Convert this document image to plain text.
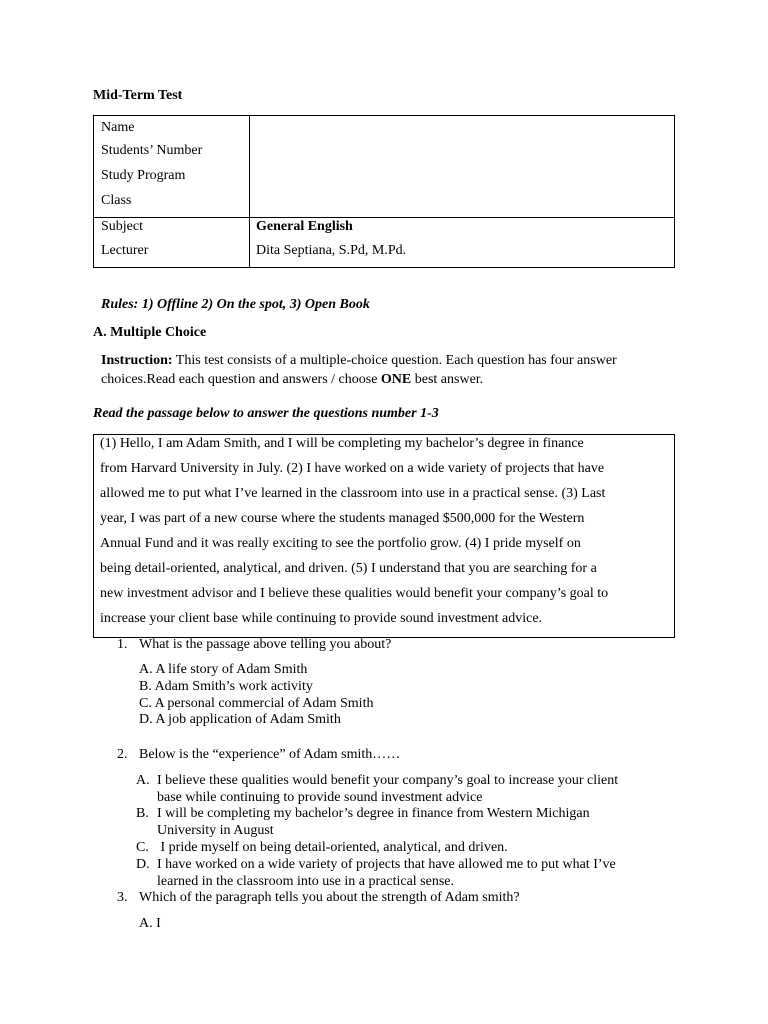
Mid-Term Test
Name
Students’ Number
Study Program
Class
Subject	General English
Lecturer	Dita Septiana, S.Pd, M.Pd.
Rules: 1) Offline 2) On the spot, 3) Open Book
A. Multiple Choice
Instruction: This test consists of a multiple-choice question. Each question has four answer choices.Read each question and answers / choose ONE best answer.
Read the passage below to answer the questions number 1-3
(1) Hello, I am Adam Smith, and I will be completing my bachelor’s degree in finance
from Harvard University in July. (2) I have worked on a wide variety of projects that have
allowed me to put what I’ve learned in the classroom into use in a practical sense. (3) Last
year, I was part of a new course where the students managed $500,000 for the Western
Annual Fund and it was really exciting to see the portfolio grow. (4) I pride myself on
being detail-oriented, analytical, and driven. (5) I understand that you are searching for a
new investment advisor and I believe these qualities would benefit your company’s goal to
increase your client base while continuing to provide sound investment advice.
1. What is the passage above telling you about?
A. A life story of Adam Smith
B. Adam Smith’s work activity
C. A personal commercial of Adam Smith
D. A job application of Adam Smith
2. Below is the “experience” of Adam smith……
A. I believe these qualities would benefit your company’s goal to increase your client
base while continuing to provide sound investment advice
B. I will be completing my bachelor’s degree in finance from Western Michigan
University in August
C. I pride myself on being detail-oriented, analytical, and driven.
D. I have worked on a wide variety of projects that have allowed me to put what I’ve
learned in the classroom into use in a practical sense.
3. Which of the paragraph tells you about the strength of Adam smith?
A. I
